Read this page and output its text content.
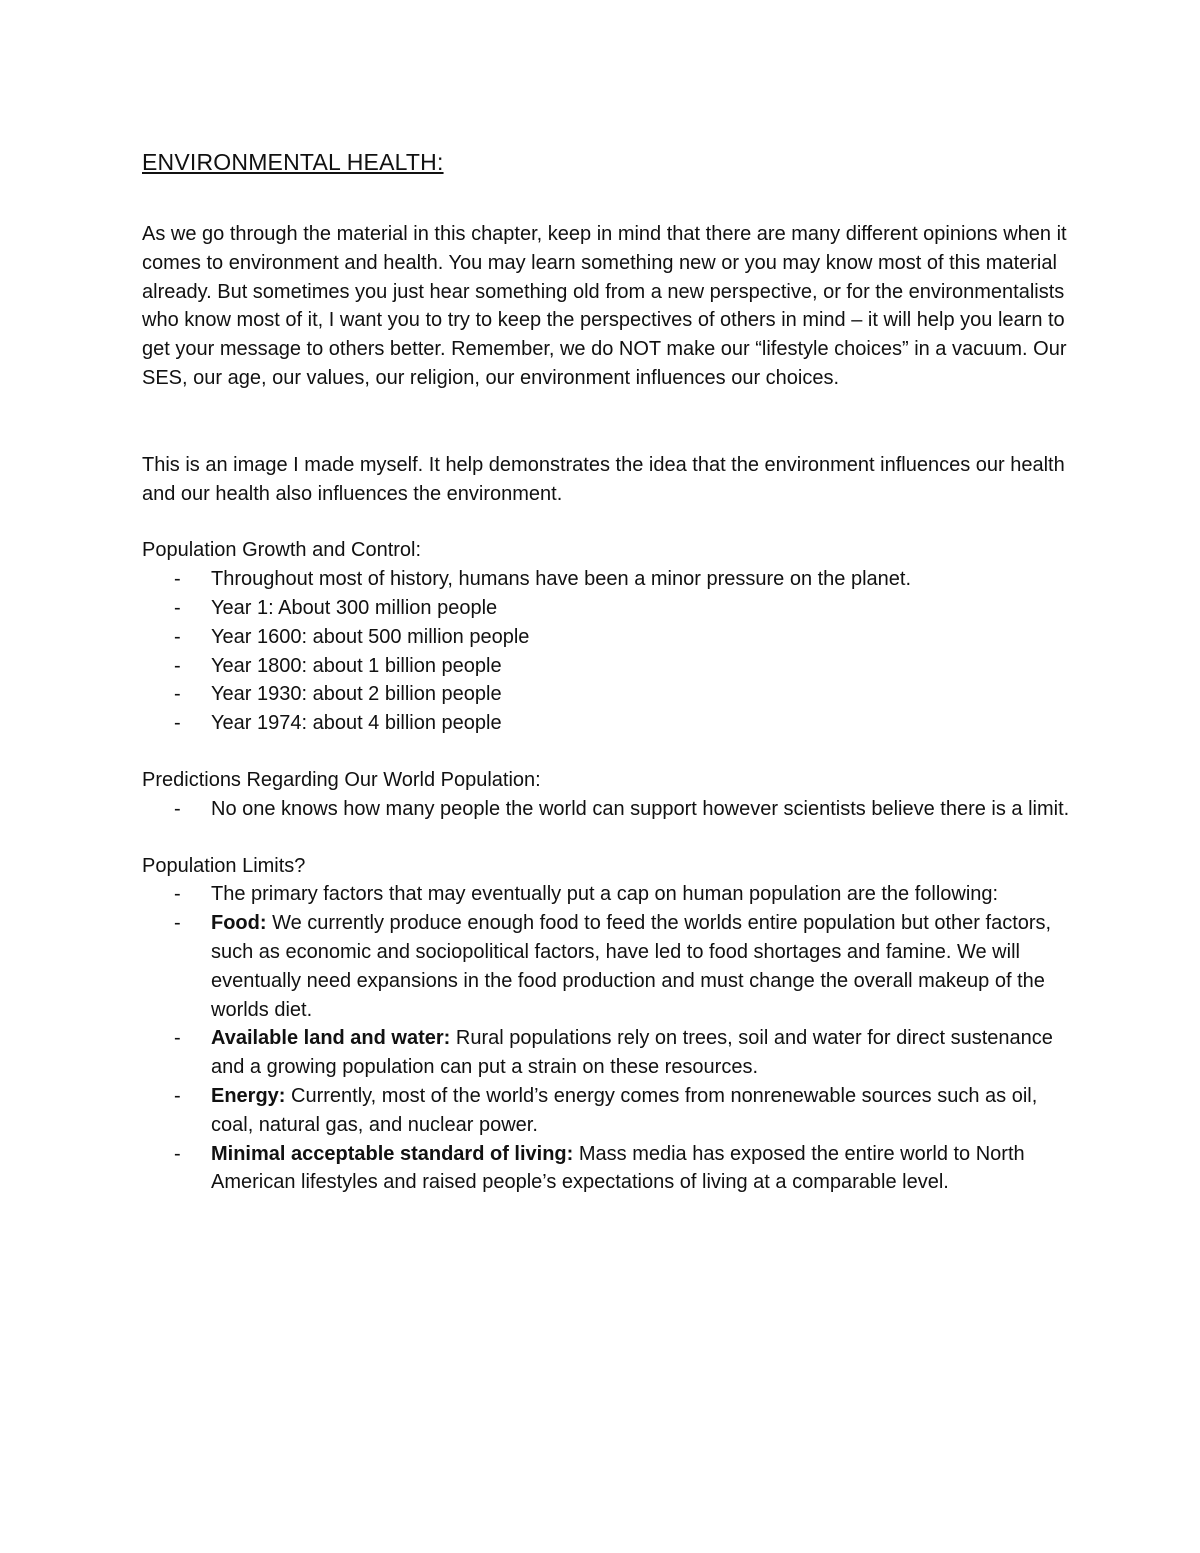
ENVIRONMENTAL HEALTH:

As we go through the material in this chapter, keep in mind that there are many different opinions when it comes to environment and health. You may learn something new or you may know most of this material already. But sometimes you just hear something old from a new perspective, or for the environmentalists who know most of it, I want you to try to keep the perspectives of others in mind – it will help you learn to get your message to others better. Remember, we do NOT make our “lifestyle choices” in a vacuum. Our SES, our age, our values, our religion, our environment influences our choices.

This is an image I made myself. It help demonstrates the idea that the environment influences our health and our health also influences the environment.

Population Growth and Control:

- Throughout most of history, humans have been a minor pressure on the planet.
- Year 1: About 300 million people
- Year 1600: about 500 million people
- Year 1800: about 1 billion people
- Year 1930: about 2 billion people
- Year 1974: about 4 billion people

Predictions Regarding Our World Population:

- No one knows how many people the world can support however scientists believe there is a limit.

Population Limits?

- The primary factors that may eventually put a cap on human population are the following:
- Food: We currently produce enough food to feed the worlds entire population but other factors, such as economic and sociopolitical factors, have led to food shortages and famine. We will eventually need expansions in the food production and must change the overall makeup of the worlds diet.
- Available land and water: Rural populations rely on trees, soil and water for direct sustenance and a growing population can put a strain on these resources.
- Energy: Currently, most of the world’s energy comes from nonrenewable sources such as oil, coal, natural gas, and nuclear power.
- Minimal acceptable standard of living: Mass media has exposed the entire world to North American lifestyles and raised people’s expectations of living at a comparable level.
